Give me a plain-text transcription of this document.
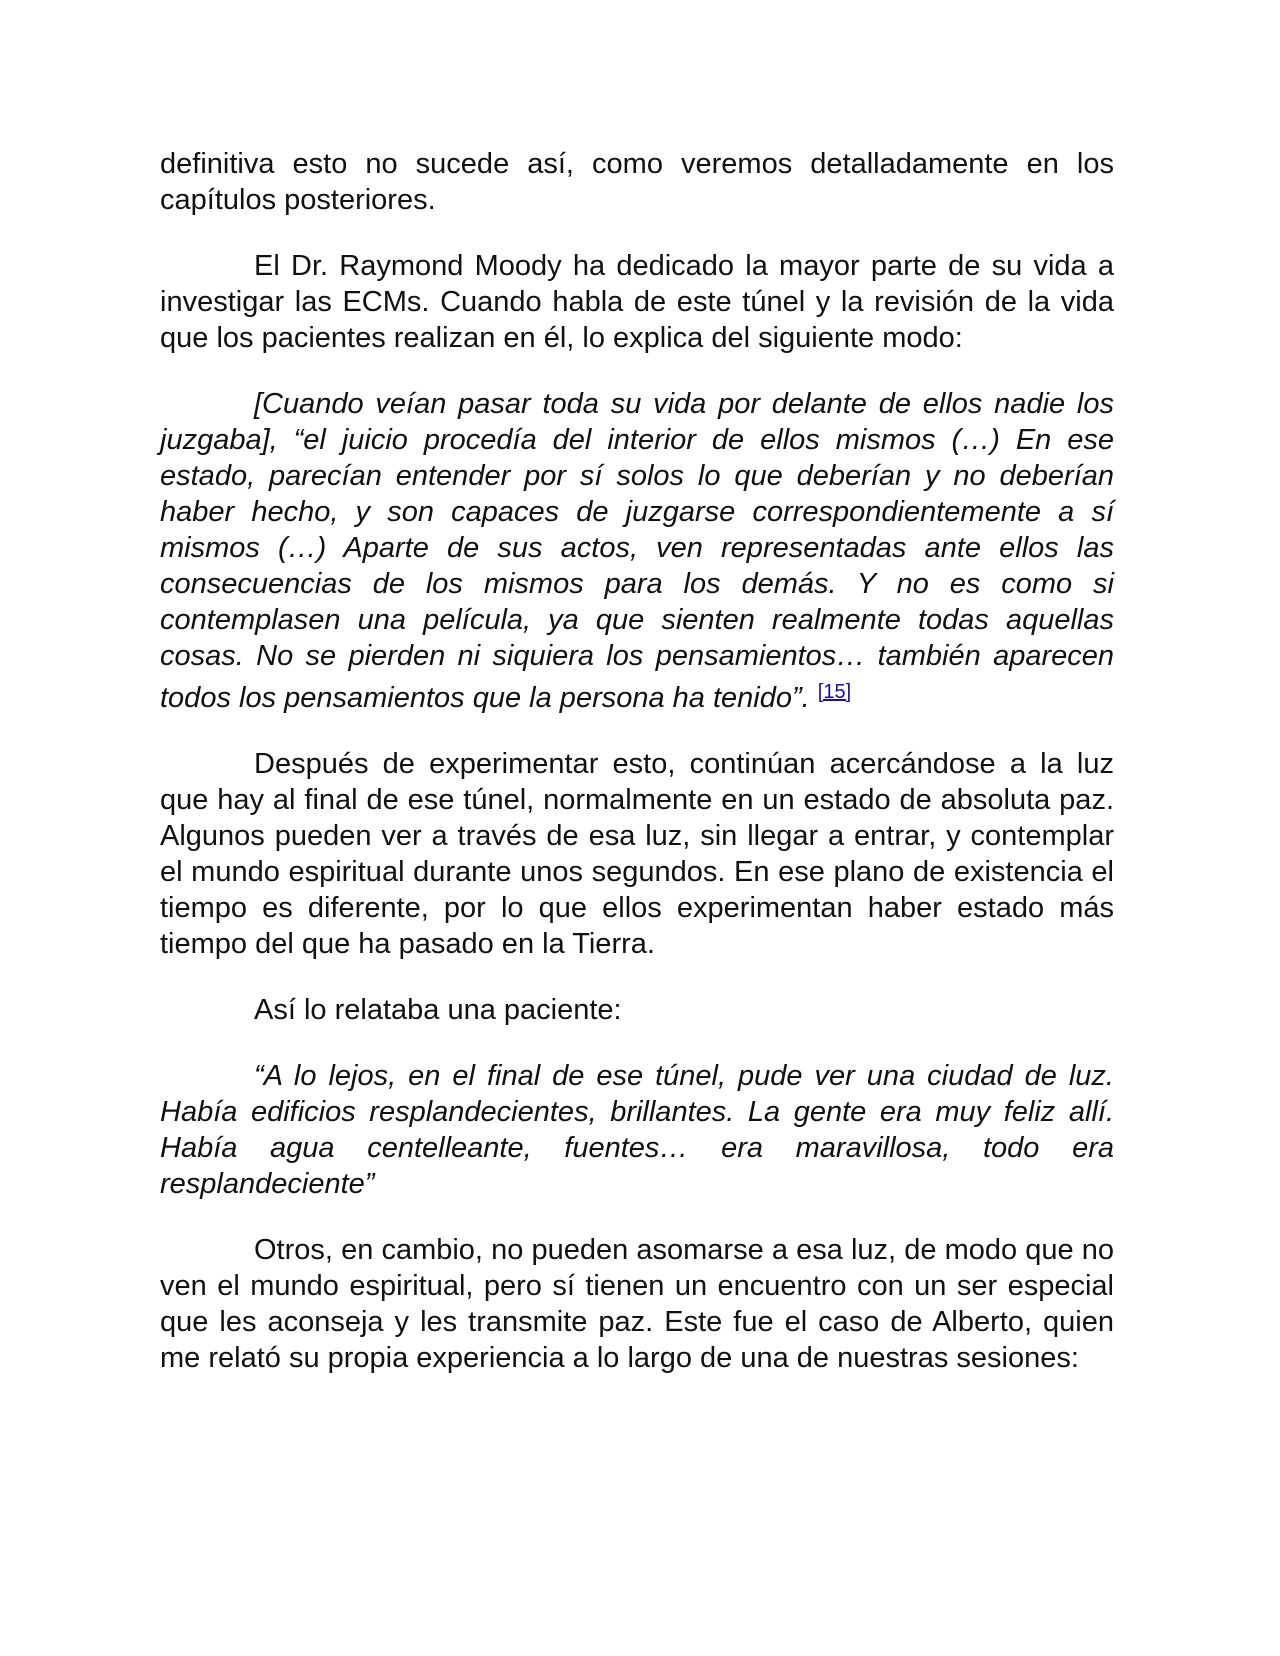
definitiva esto no sucede así, como veremos detalladamente en los capítulos posteriores.

El Dr. Raymond Moody ha dedicado la mayor parte de su vida a investigar las ECMs. Cuando habla de este túnel y la revisión de la vida que los pacientes realizan en él, lo explica del siguiente modo:

[Cuando veían pasar toda su vida por delante de ellos nadie los juzgaba], “el juicio procedía del interior de ellos mismos (…) En ese estado, parecían entender por sí solos lo que deberían y no deberían haber hecho, y son capaces de juzgarse correspondientemente a sí mismos (…) Aparte de sus actos, ven representadas ante ellos las consecuencias de los mismos para los demás. Y no es como si contemplasen una película, ya que sienten realmente todas aquellas cosas. No se pierden ni siquiera los pensamientos… también aparecen todos los pensamientos que la persona ha tenido”. [15]

Después de experimentar esto, continúan acercándose a la luz que hay al final de ese túnel, normalmente en un estado de absoluta paz. Algunos pueden ver a través de esa luz, sin llegar a entrar, y contemplar el mundo espiritual durante unos segundos. En ese plano de existencia el tiempo es diferente, por lo que ellos experimentan haber estado más tiempo del que ha pasado en la Tierra.

Así lo relataba una paciente:

“A lo lejos, en el final de ese túnel, pude ver una ciudad de luz. Había edificios resplandecientes, brillantes. La gente era muy feliz allí. Había agua centelleante, fuentes… era maravillosa, todo era resplandeciente”

Otros, en cambio, no pueden asomarse a esa luz, de modo que no ven el mundo espiritual, pero sí tienen un encuentro con un ser especial que les aconseja y les transmite paz. Este fue el caso de Alberto, quien me relató su propia experiencia a lo largo de una de nuestras sesiones:
